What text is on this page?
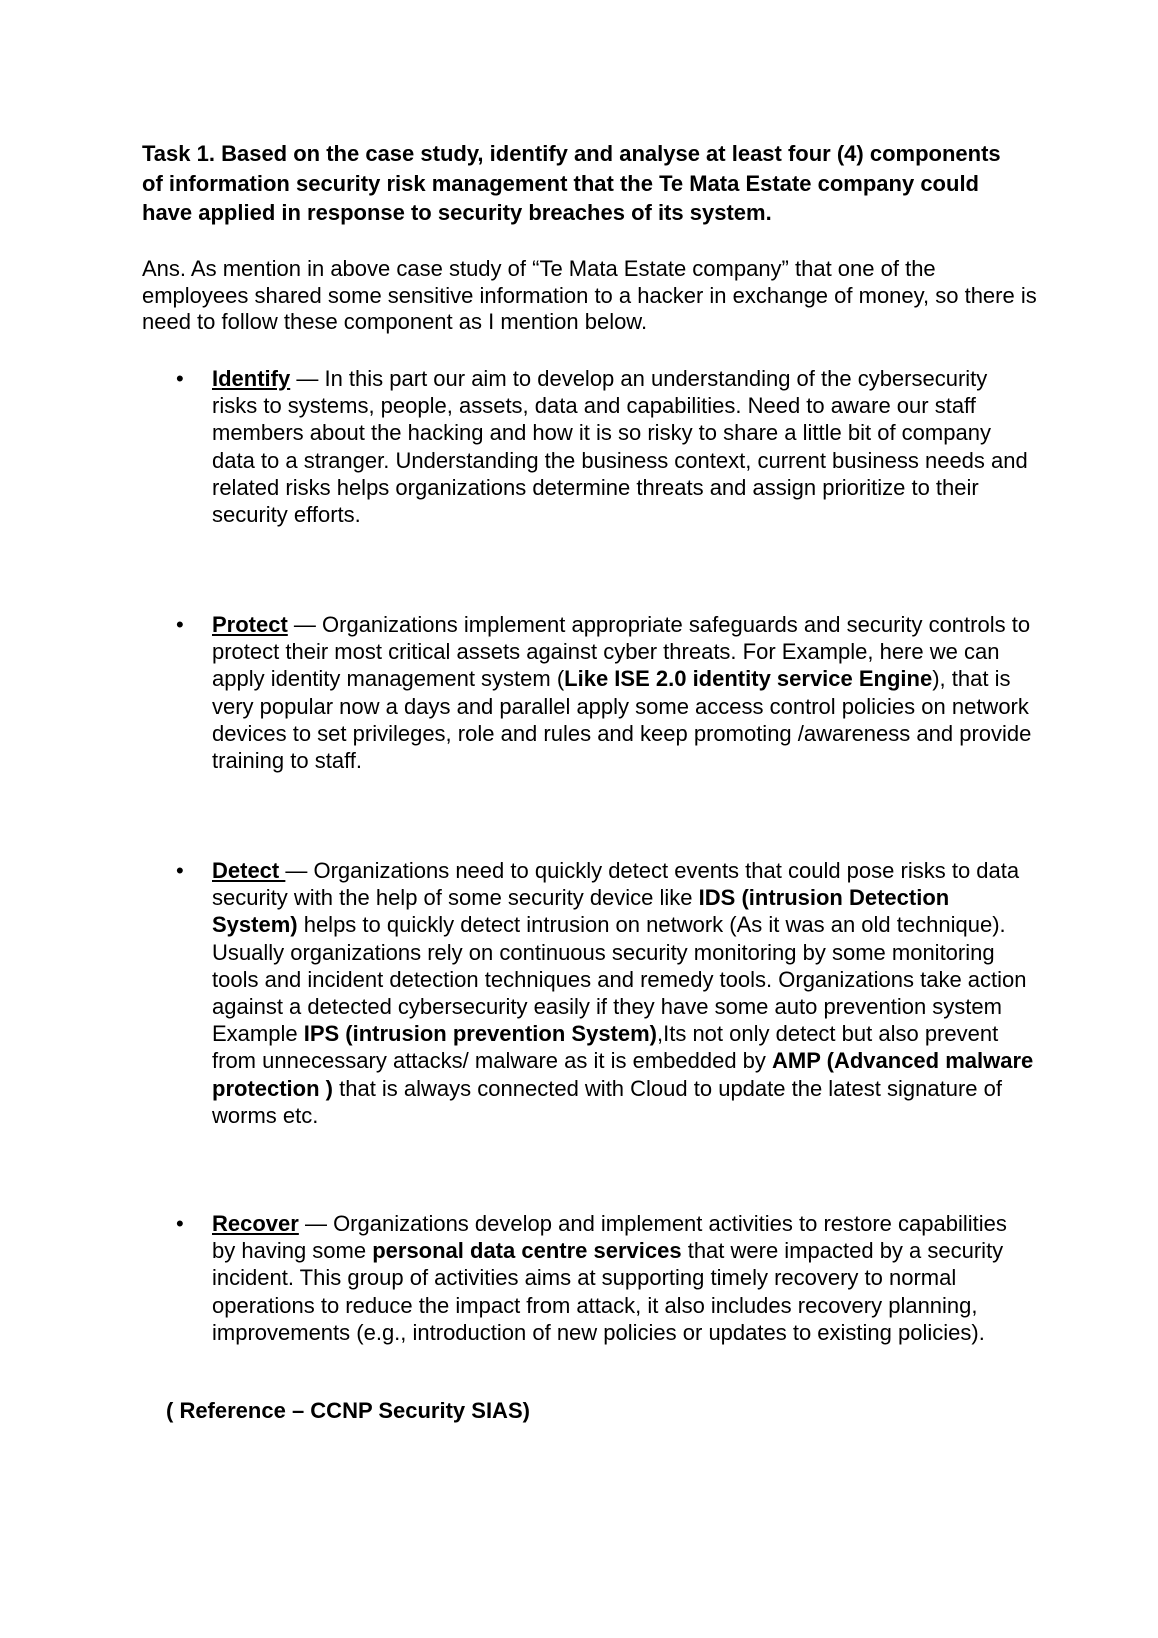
Task 1. Based on the case study, identify and analyse at least four (4) components of information security risk management that the Te Mata Estate company could have applied in response to security breaches of its system.

Ans. As mention in above case study of “Te Mata Estate company” that one of the employees shared some sensitive information to a hacker in exchange of money, so there is need to follow these component as I mention below.

• Identify — In this part our aim to develop an understanding of the cybersecurity risks to systems, people, assets, data and capabilities. Need to aware our staff members about the hacking and how it is so risky to share a little bit of company data to a stranger. Understanding the business context, current business needs and related risks helps organizations determine threats and assign prioritize to their security efforts.
• Protect — Organizations implement appropriate safeguards and security controls to protect their most critical assets against cyber threats. For Example, here we can apply identity management system (Like ISE 2.0 identity service Engine), that is very popular now a days and parallel apply some access control policies on network devices to set privileges, role and rules and keep promoting /awareness and provide training to staff.
• Detect — Organizations need to quickly detect events that could pose risks to data security with the help of some security device like IDS (intrusion Detection System) helps to quickly detect intrusion on network (As it was an old technique). Usually organizations rely on continuous security monitoring by some monitoring tools and incident detection techniques and remedy tools. Organizations take action against a detected cybersecurity easily if they have some auto prevention system Example IPS (intrusion prevention System),Its not only detect but also prevent from unnecessary attacks/ malware as it is embedded by AMP (Advanced malware protection ) that is always connected with Cloud to update the latest signature of worms etc.
• Recover — Organizations develop and implement activities to restore capabilities by having some personal data centre services that were impacted by a security incident. This group of activities aims at supporting timely recovery to normal operations to reduce the impact from attack, it also includes recovery planning, improvements (e.g., introduction of new policies or updates to existing policies).

( Reference – CCNP Security SIAS)
